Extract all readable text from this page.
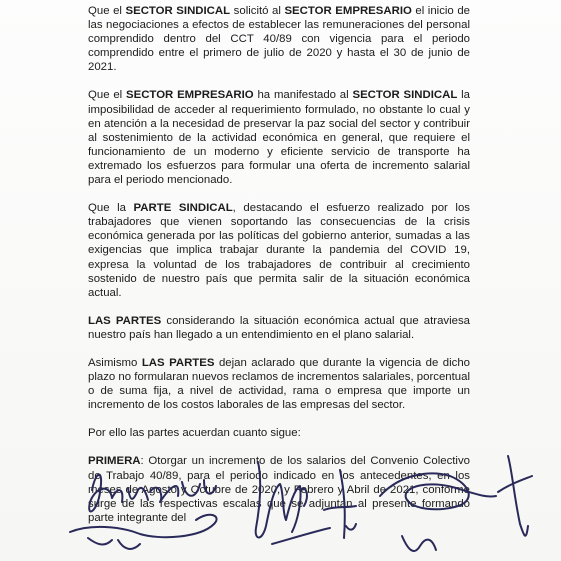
Que el SECTOR SINDICAL solicitó al SECTOR EMPRESARIO el inicio de las negociaciones a efectos de establecer las remuneraciones del personal comprendido dentro del CCT 40/89 con vigencia para el periodo comprendido entre el primero de julio de 2020 y hasta el 30 de junio de 2021.

Que el SECTOR EMPRESARIO ha manifestado al SECTOR SINDICAL la imposibilidad de acceder al requerimiento formulado, no obstante lo cual y en atención a la necesidad de preservar la paz social del sector y contribuir al sostenimiento de la actividad económica en general, que requiere el funcionamiento de un moderno y eficiente servicio de transporte ha extremado los esfuerzos para formular una oferta de incremento salarial para el periodo mencionado.

Que la PARTE SINDICAL, destacando el esfuerzo realizado por los trabajadores que vienen soportando las consecuencias de la crisis económica generada por las políticas del gobierno anterior, sumadas a las exigencias que implica trabajar durante la pandemia del COVID 19, expresa la voluntad de los trabajadores de contribuir al crecimiento sostenido de nuestro país que permita salir de la situación económica actual.

LAS PARTES considerando la situación económica actual que atraviesa nuestro país han llegado a un entendimiento en el plano salarial.

Asimismo LAS PARTES dejan aclarado que durante la vigencia de dicho plazo no formularan nuevos reclamos de incrementos salariales, porcentual o de suma fija, a nivel de actividad, rama o empresa que importe un incremento de los costos laborales de las empresas del sector.

Por ello las partes acuerdan cuanto sigue:

PRIMERA: Otorgar un incremento de los salarios del Convenio Colectivo de Trabajo 40/89, para el periodo indicado en los antecedentes, en los meses de Agosto y Octubre de 2020, y Febrero y Abril de 2021, conforme surge de las respectivas escalas que se adjuntan al presente formando parte integrante del
